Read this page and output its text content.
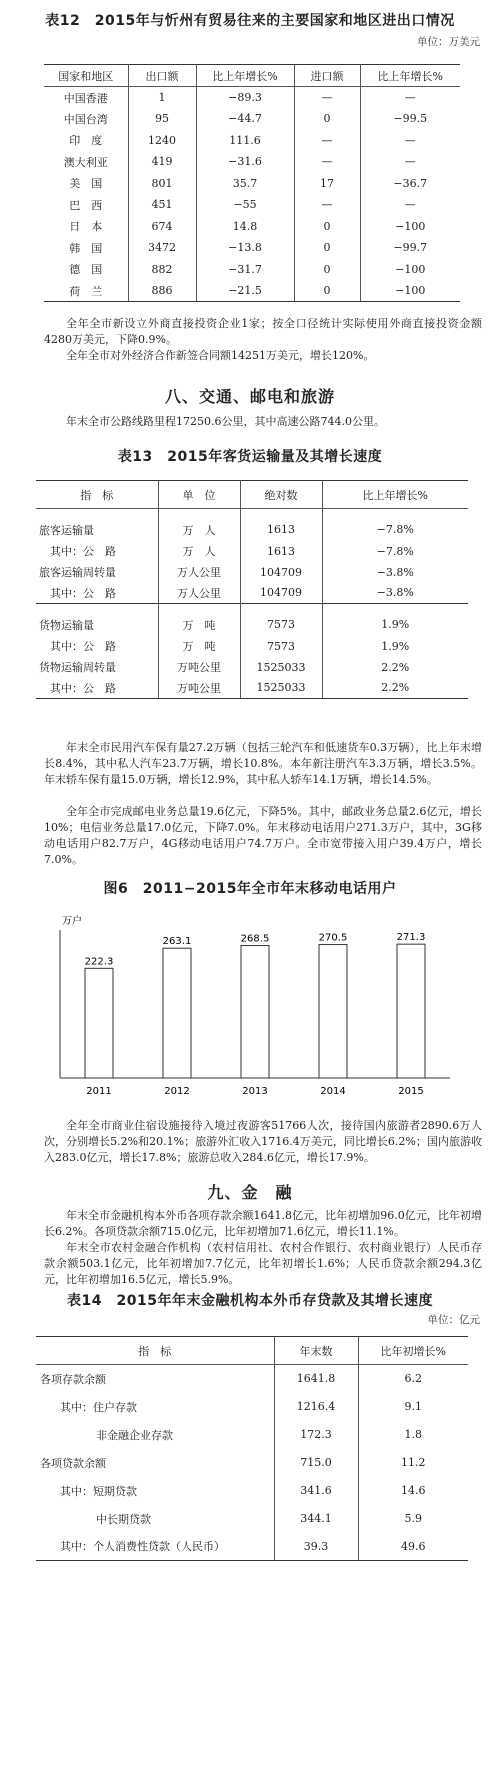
表12　2015年与忻州有贸易往来的主要国家和地区进出口情况
单位：万美元
国家和地区	出口额	比上年增长%	进口额	比上年增长%
中国香港	1	−89.3	—	—
中国台湾	95	−44.7	0	−99.5
印　度	1240	111.6	—	—
澳大利亚	419	−31.6	—	—
美　国	801	35.7	17	−36.7
巴　西	451	−55	—	—
日　本	674	14.8	0	−100
韩　国	3472	−13.8	0	−99.7
德　国	882	−31.7	0	−100
荷　兰	886	−21.5	0	−100

全年全市新设立外商直接投资企业1家；按全口径统计实际使用外商直接投资金额4280万美元，下降0.9%。

全年全市对外经济合作新签合同额14251万美元，增长120%。

八、交通、邮电和旅游

年末全市公路线路里程17250.6公里，其中高速公路744.0公里。

表13　2015年客货运输量及其增长速度
指　标	单　位	绝对数	比上年增长%
旅客运输量	万　人	1613	−7.8%
　其中：公　路	万　人	1613	−7.8%
旅客运输周转量	万人公里	104709	−3.8%
　其中：公　路	万人公里	104709	−3.8%
货物运输量	万　吨	7573	1.9%
　其中：公　路	万　吨	7573	1.9%
货物运输周转量	万吨公里	1525033	2.2%
　其中：公　路	万吨公里	1525033	2.2%

年末全市民用汽车保有量27.2万辆（包括三轮汽车和低速货车0.3万辆），比上年末增长8.4%，其中私人汽车23.7万辆，增长10.8%。本年新注册汽车3.3万辆，增长3.5%。年末轿车保有量15.0万辆，增长12.9%，其中私人轿车14.1万辆，增长14.5%。

全年全市完成邮电业务总量19.6亿元，下降5%。其中，邮政业务总量2.6亿元，增长10%；电信业务总量17.0亿元，下降7.0%。年末移动电话用户271.3万户，其中，3G移动电话用户82.7万户，4G移动电话用户74.7万户。全市宽带接入用户39.4万户，增长7.0%。

图6　2011−2015年全市年末移动电话用户
万户
222.3
2011
263.1
2012
268.5
2013
270.5
2014
271.3
2015

全年全市商业住宿设施接待入境过夜游客51766人次，接待国内旅游者2890.6万人次，分别增长5.2%和20.1%；旅游外汇收入1716.4万美元，同比增长6.2%；国内旅游收入283.0亿元，增长17.8%；旅游总收入284.6亿元，增长17.9%。

九、金　融

年末全市金融机构本外币各项存款余额1641.8亿元，比年初增加96.0亿元，比年初增长6.2%。各项贷款余额715.0亿元，比年初增加71.6亿元，增长11.1%。

年末全市农村金融合作机构（农村信用社、农村合作银行、农村商业银行）人民币存款余额503.1亿元，比年初增加7.7亿元，比年初增长1.6%；人民币贷款余额294.3亿元，比年初增加16.5亿元，增长5.9%。

表14　2015年年末金融机构本外币存贷款及其增长速度
单位：亿元
指　标	年末数	比年初增长%
各项存款余额	1641.8	6.2
其中：住户存款	1216.4	9.1
非金融企业存款	172.3	1.8
各项贷款余额	715.0	11.2
其中：短期贷款	341.6	14.6
中长期贷款	344.1	5.9
其中：个人消费性贷款（人民币）	39.3	49.6
